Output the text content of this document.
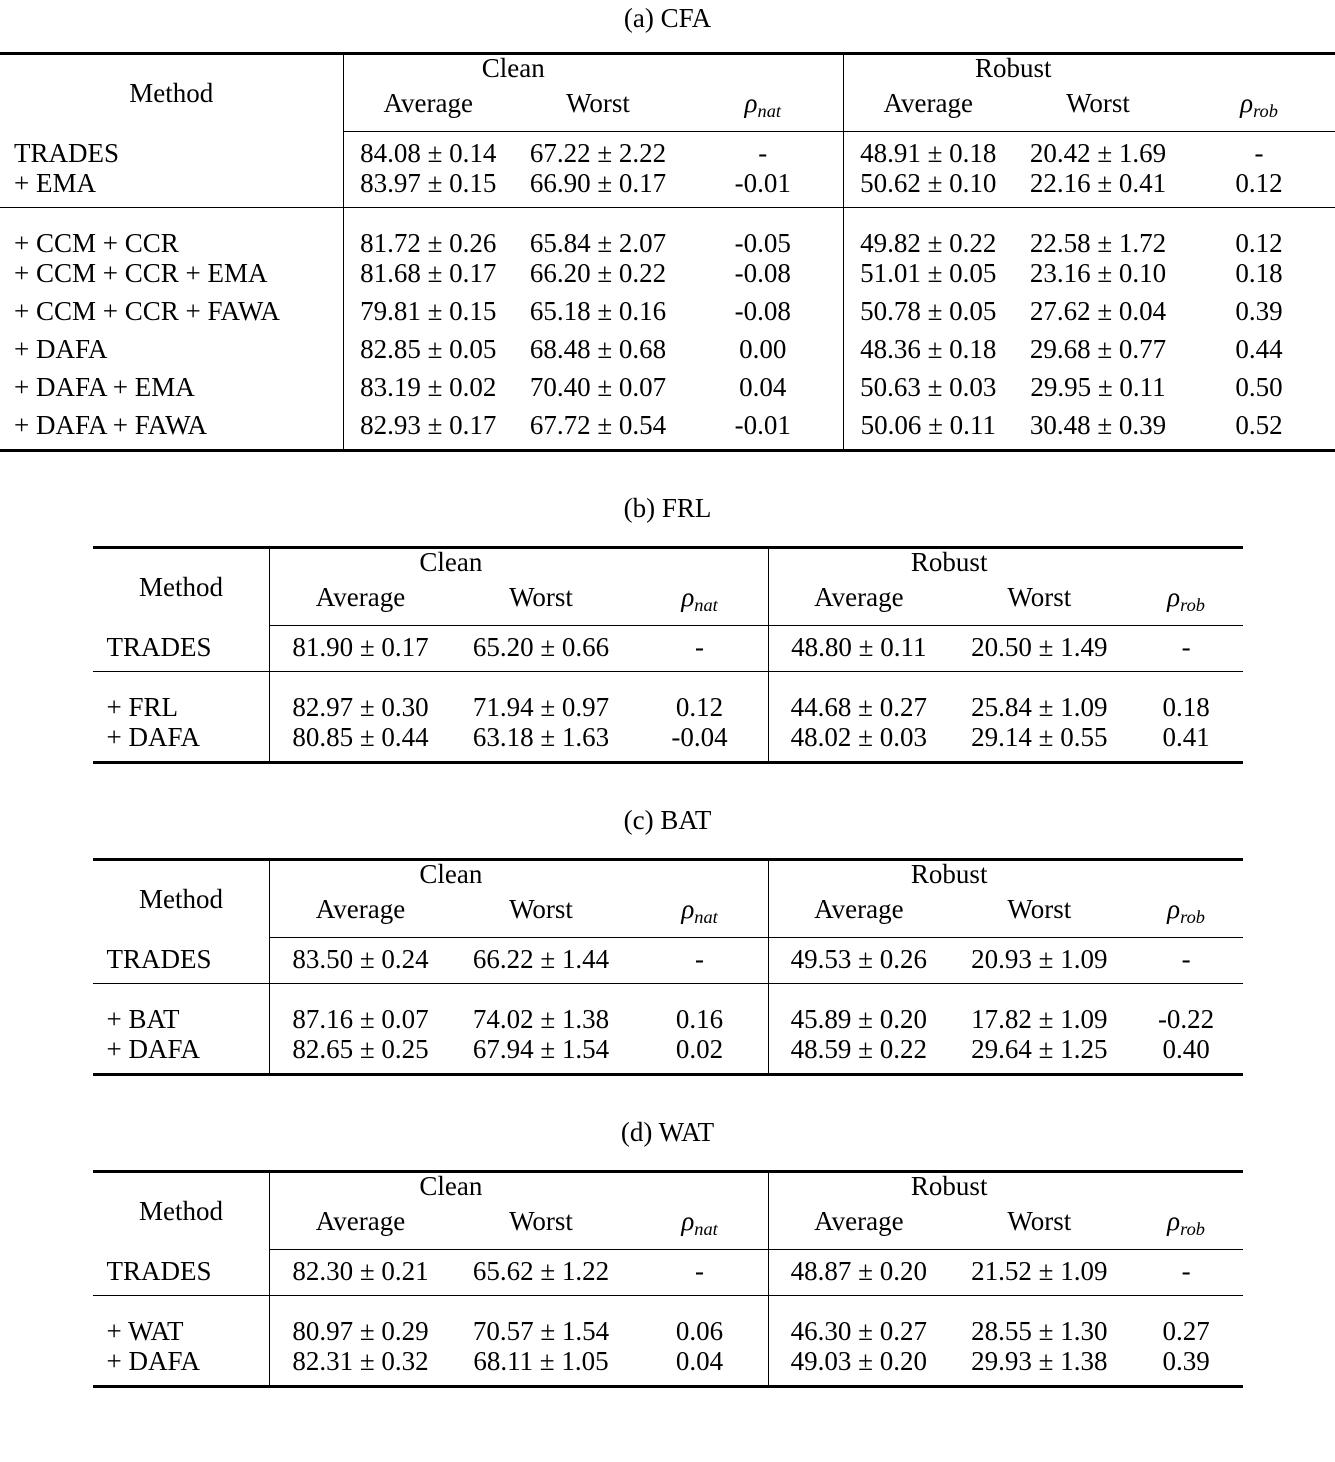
(a) CFA
Method	Clean			Robust		
	Average	Worst	$\rho_{nat}$	Average	Worst	$\rho_{rob}$
TRADES	84.08 ± 0.14	67.22 ± 2.22	-	48.91 ± 0.18	20.42 ± 1.69	-
+ EMA	83.97 ± 0.15	66.90 ± 0.17	-0.01	50.62 ± 0.10	22.16 ± 0.41	0.12

+ CCM + CCR	81.72 ± 0.26	65.84 ± 2.07	-0.05	49.82 ± 0.22	22.58 ± 1.72	0.12
+ CCM + CCR + EMA	81.68 ± 0.17	66.20 ± 0.22	-0.08	51.01 ± 0.05	23.16 ± 0.10	0.18
+ CCM + CCR + FAWA	79.81 ± 0.15	65.18 ± 0.16	-0.08	50.78 ± 0.05	27.62 ± 0.04	0.39
+ DAFA	82.85 ± 0.05	68.48 ± 0.68	0.00	48.36 ± 0.18	29.68 ± 0.77	0.44
+ DAFA + EMA	83.19 ± 0.02	70.40 ± 0.07	0.04	50.63 ± 0.03	29.95 ± 0.11	0.50
+ DAFA + FAWA	82.93 ± 0.17	67.72 ± 0.54	-0.01	50.06 ± 0.11	30.48 ± 0.39	0.52
(b) FRL
Method	Clean			Robust		
	Average	Worst	$\rho_{nat}$	Average	Worst	$\rho_{rob}$
TRADES	81.90 ± 0.17	65.20 ± 0.66	-	48.80 ± 0.11	20.50 ± 1.49	-

+ FRL	82.97 ± 0.30	71.94 ± 0.97	0.12	44.68 ± 0.27	25.84 ± 1.09	0.18
+ DAFA	80.85 ± 0.44	63.18 ± 1.63	-0.04	48.02 ± 0.03	29.14 ± 0.55	0.41
(c) BAT
Method	Clean			Robust		
	Average	Worst	$\rho_{nat}$	Average	Worst	$\rho_{rob}$
TRADES	83.50 ± 0.24	66.22 ± 1.44	-	49.53 ± 0.26	20.93 ± 1.09	-

+ BAT	87.16 ± 0.07	74.02 ± 1.38	0.16	45.89 ± 0.20	17.82 ± 1.09	-0.22
+ DAFA	82.65 ± 0.25	67.94 ± 1.54	0.02	48.59 ± 0.22	29.64 ± 1.25	0.40
(d) WAT
Method	Clean			Robust		
	Average	Worst	$\rho_{nat}$	Average	Worst	$\rho_{rob}$
TRADES	82.30 ± 0.21	65.62 ± 1.22	-	48.87 ± 0.20	21.52 ± 1.09	-

+ WAT	80.97 ± 0.29	70.57 ± 1.54	0.06	46.30 ± 0.27	28.55 ± 1.30	0.27
+ DAFA	82.31 ± 0.32	68.11 ± 1.05	0.04	49.03 ± 0.20	29.93 ± 1.38	0.39
